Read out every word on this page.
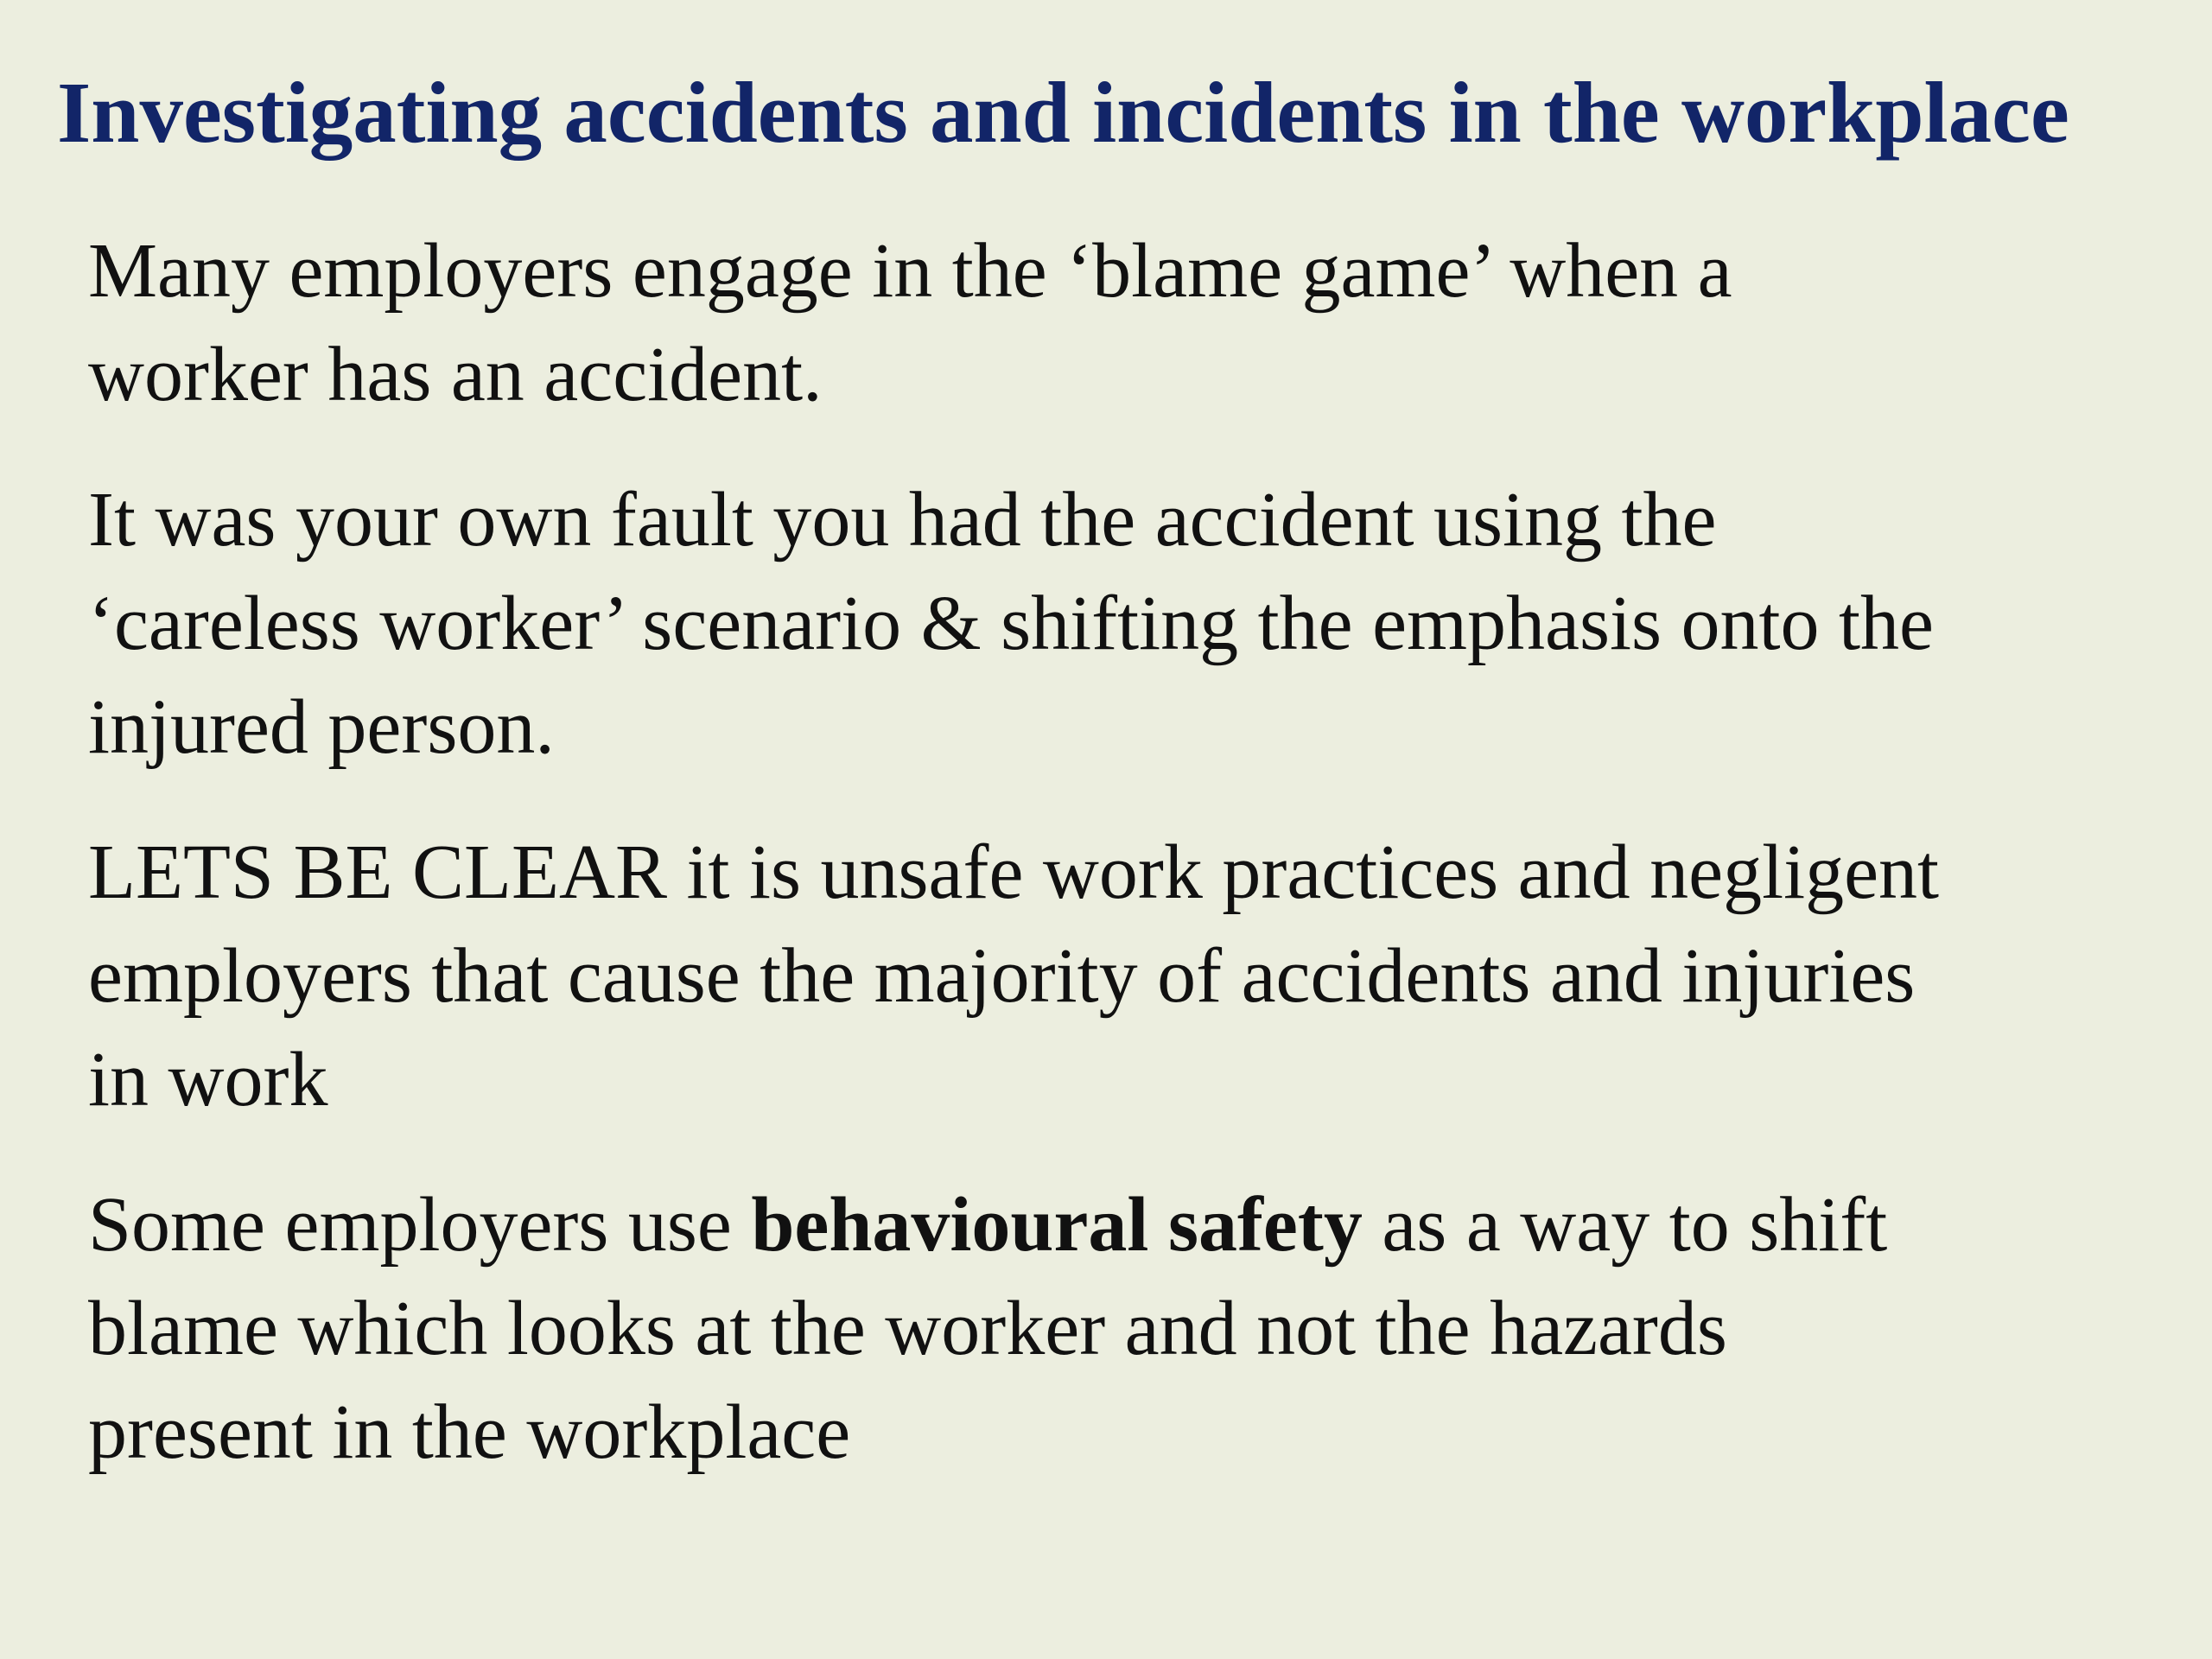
Investigating accidents and incidents in the workplace

Many employers engage in the ‘blame game’ when a
worker has an accident.

It was your own fault you had the accident using the
‘careless worker’ scenario & shifting the emphasis onto the
injured person.

LETS BE CLEAR it is unsafe work practices and negligent
employers that cause the majority of accidents and injuries
in work

Some employers use behavioural safety as a way to shift
blame which looks at the worker and not the hazards
present in the workplace
